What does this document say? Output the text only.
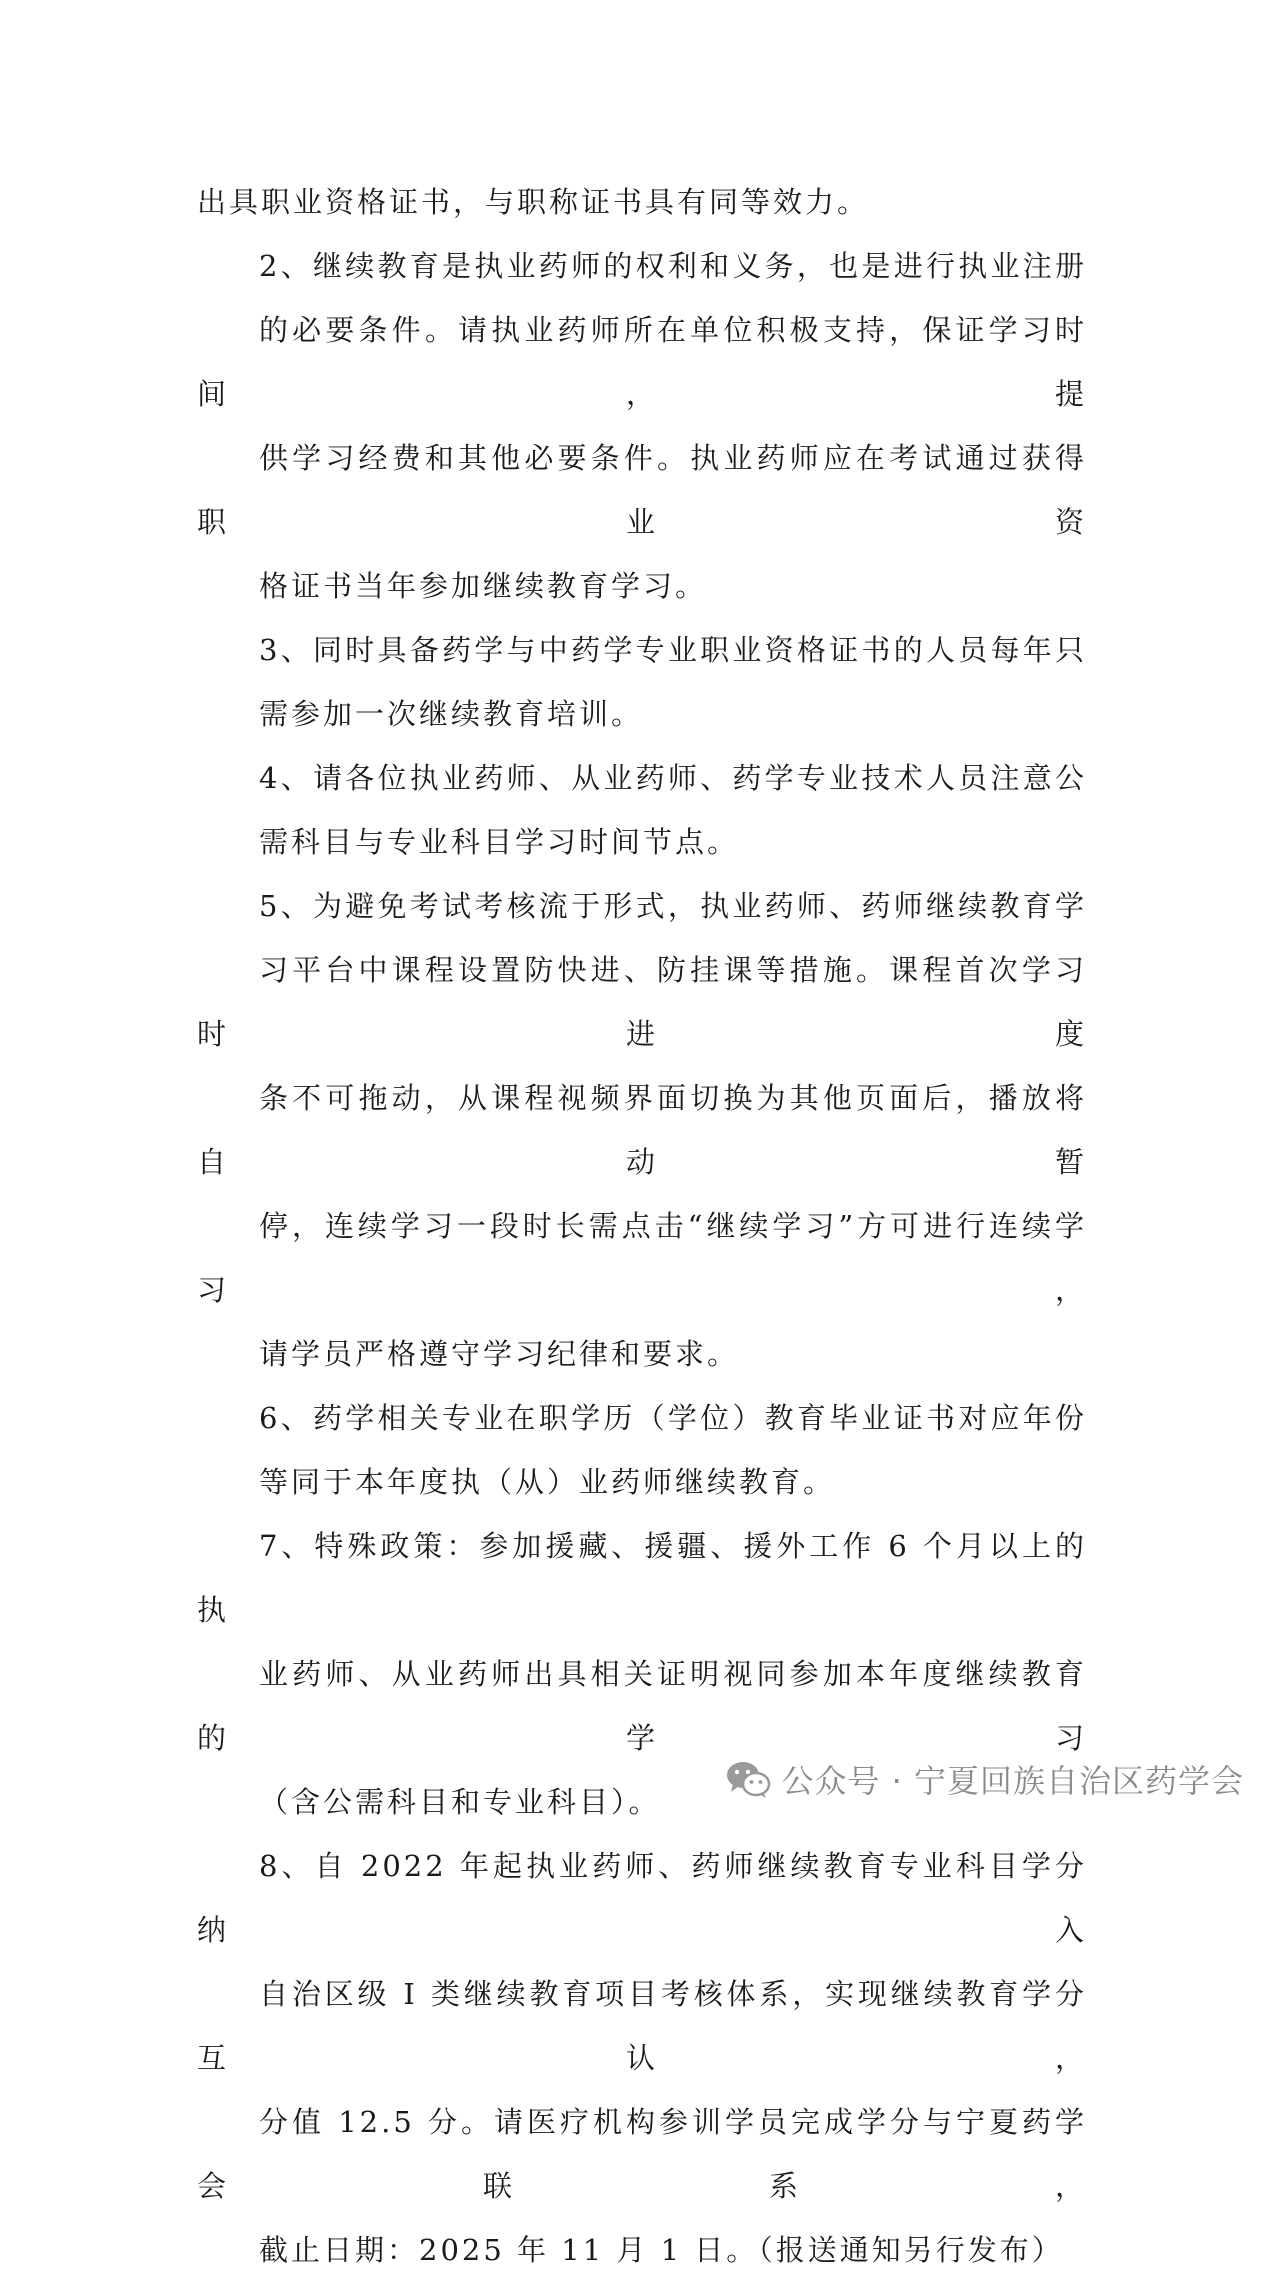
出具职业资格证书，与职称证书具有同等效力。

2、继续教育是执业药师的权利和义务，也是进行执业注册
的必要条件。请执业药师所在单位积极支持，保证学习时间，提
供学习经费和其他必要条件。执业药师应在考试通过获得职业资
格证书当年参加继续教育学习。

3、同时具备药学与中药学专业职业资格证书的人员每年只
需参加一次继续教育培训。

4、请各位执业药师、从业药师、药学专业技术人员注意公
需科目与专业科目学习时间节点。

5、为避免考试考核流于形式，执业药师、药师继续教育学
习平台中课程设置防快进、防挂课等措施。课程首次学习时进度
条不可拖动，从课程视频界面切换为其他页面后，播放将自动暂
停，连续学习一段时长需点击“继续学习”方可进行连续学习，
请学员严格遵守学习纪律和要求。

6、药学相关专业在职学历（学位）教育毕业证书对应年份
等同于本年度执（从）业药师继续教育。

7、特殊政策：参加援藏、援疆、援外工作 6 个月以上的执
业药师、从业药师出具相关证明视同参加本年度继续教育的学习
（含公需科目和专业科目）。

8、自 2022 年起执业药师、药师继续教育专业科目学分纳入
自治区级 I 类继续教育项目考核体系，实现继续教育学分互认，
分值 12.5 分。请医疗机构参训学员完成学分与宁夏药学会联系，
截止日期：2025 年 11 月 1 日。（报送通知另行发布）

公众号 · 宁夏回族自治区药学会
